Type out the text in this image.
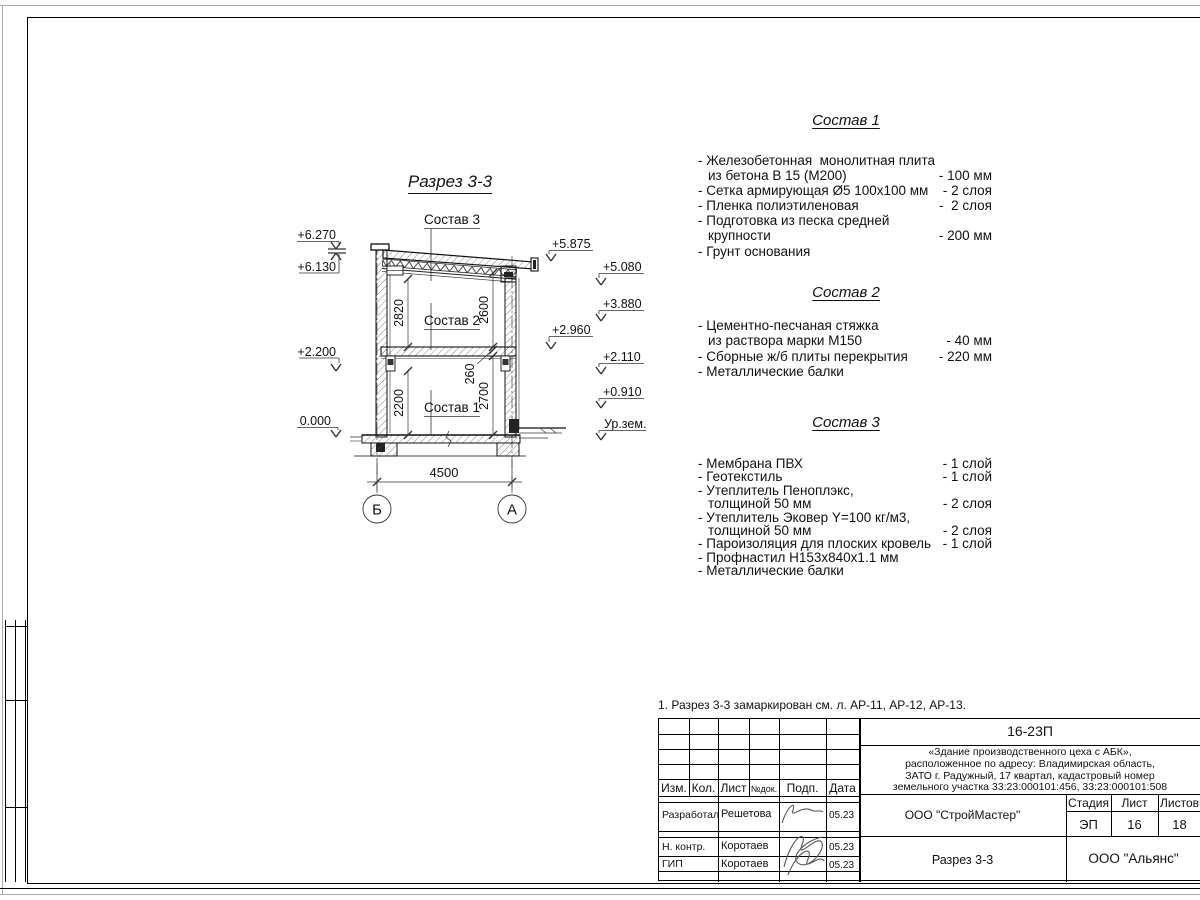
Разрез 3-3
2820	2600
260
2700
2200
4500
Б	А
+6.270
+6.130
+2.200
0.000
+5.875
+2.960
+5.080
+3.880
+2.110
+0.910
Ур.зем.
Состав 3
Состав 2
Состав 1
Состав 1
- Железобетонная  монолитная плита
из бетона В 15 (М200)	- 100 мм
- Сетка армирующая Ø5 100х100 мм - 2 слоя
- Пленка полиэтиленовая	-  2 слоя
- Подготовка из песка средней
крупности	- 200 мм
- Грунт основания
Состав 2
- Цементно-песчаная стяжка
из раствора марки М150	- 40 мм
- Сборные ж/б плиты перекрытия - 220 мм
- Металлические балки
Состав 3
- Мембрана ПВХ	- 1 слой
- Геотекстиль	- 1 слой
- Утеплитель Пеноплэкс,
толщиной 50 мм	- 2 слоя
- Утеплитель Эковер Y=100 кг/м3,
толщиной 50 мм	- 2 слоя
- Пароизоляция для плоских кровель - 1 слой
- Профнастил Н153х840х1.1 мм
- Металлические балки
1. Разрез 3-3 замаркирован см. л. АР-11, АР-12, АР-13.
Изм. Кол. Лист №док. Подп. Дата
Разработал Решетова	05.23
Н. контр. Коротаев	05.23
ГИП	Коротаев	05.23
16-23П
«Здание производственного цеха с АБК»,
расположенное по адресу: Владимирская область,
ЗАТО г. Радужный, 17 квартал, кадастровый номер
земельного участка 33:23:000101:456, 33:23:000101:508
ООО "СтройМастер"
Стадия	Лист	Листов
ЭП	16	18
Разрез 3-3	ООО "Альянс"
